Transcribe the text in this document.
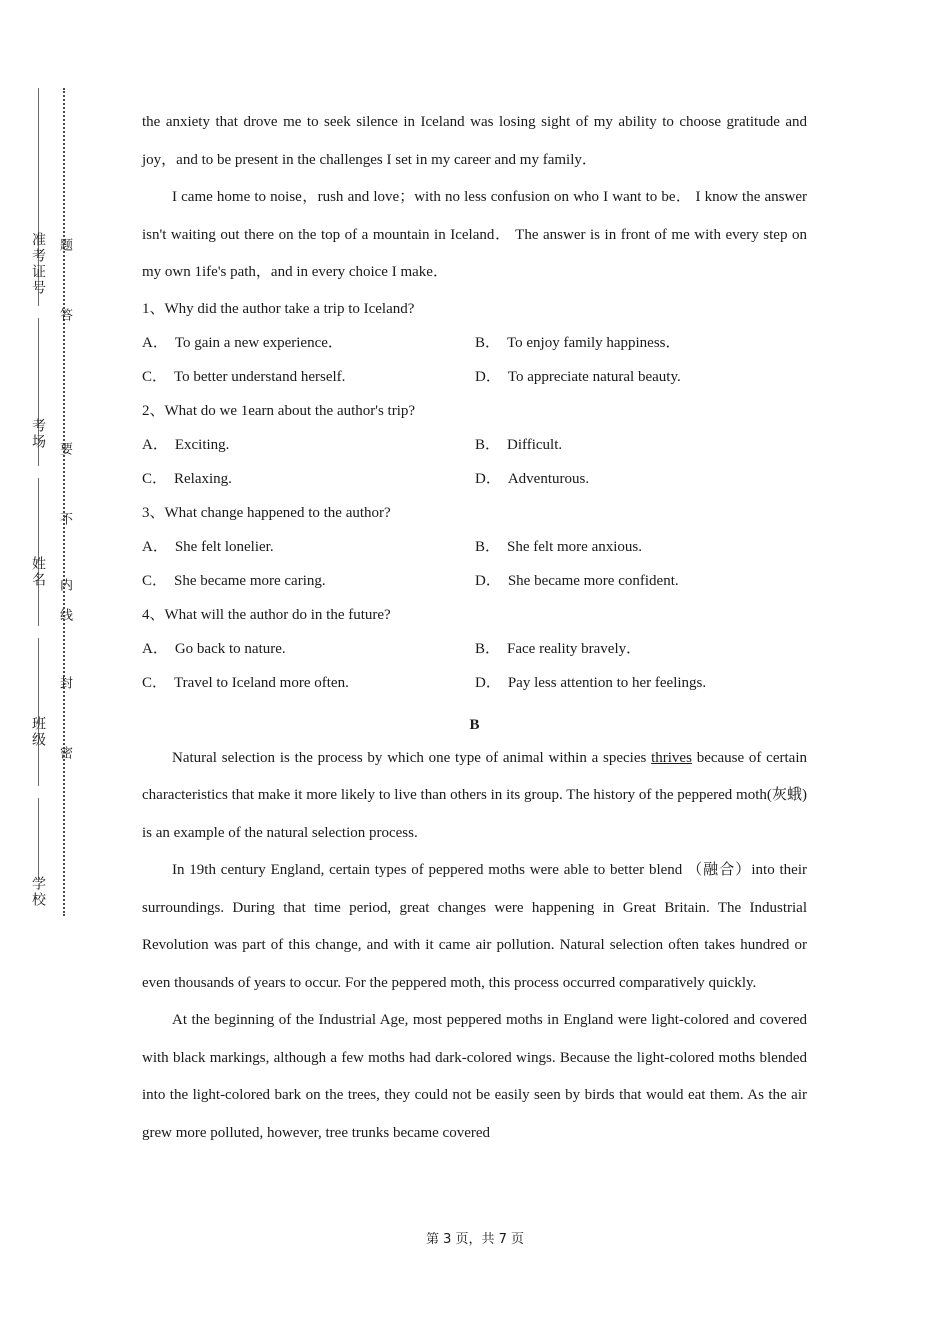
准考证号
考场
姓名
班级
学校
题
答
要
不
内
线
封
密

the anxiety that drove me to seek silence in Iceland was losing sight of my ability to choose gratitude and joy，and to be present in the challenges I set in my career and my family．

I came home to noise，rush and love；with no less confusion on who I want to be． I know the answer isn't waiting out there on the top of a mountain in Iceland． The answer is in front of me with every step on my own 1ife's path，and in every choice I make．

1、Why did the author take a trip to Iceland?

A． To gain a new experience．	B． To enjoy family happiness．
C． To better understand herself.	D． To appreciate natural beauty.

2、What do we 1earn about the author's trip?

A． Exciting.	B． Difficult.
C． Relaxing.	D． Adventurous.

3、What change happened to the author?

A． She felt lonelier.	B． She felt more anxious.
C． She became more caring.	D． She became more confident.

4、What will the author do in the future?

A． Go back to nature.	B． Face reality bravely．
C． Travel to Iceland more often.	D． Pay less attention to her feelings.

B

Natural selection is the process by which one type of animal within a species thrives because of certain characteristics that make it more likely to live than others in its group. The history of the peppered moth(灰蛾) is an example of the natural selection process.

In 19th century England, certain types of peppered moths were able to better blend （融合）into their surroundings. During that time period, great changes were happening in Great Britain. The Industrial Revolution was part of this change, and with it came air pollution. Natural selection often takes hundred or even thousands of years to occur. For the peppered moth, this process occurred comparatively quickly.

At the beginning of the Industrial Age, most peppered moths in England were light-colored and covered with black markings, although a few moths had dark-colored wings. Because the light-colored moths blended into the light-colored bark on the trees, they could not be easily seen by birds that would eat them. As the air grew more polluted, however, tree trunks became covered

第 3 页，共 7 页
